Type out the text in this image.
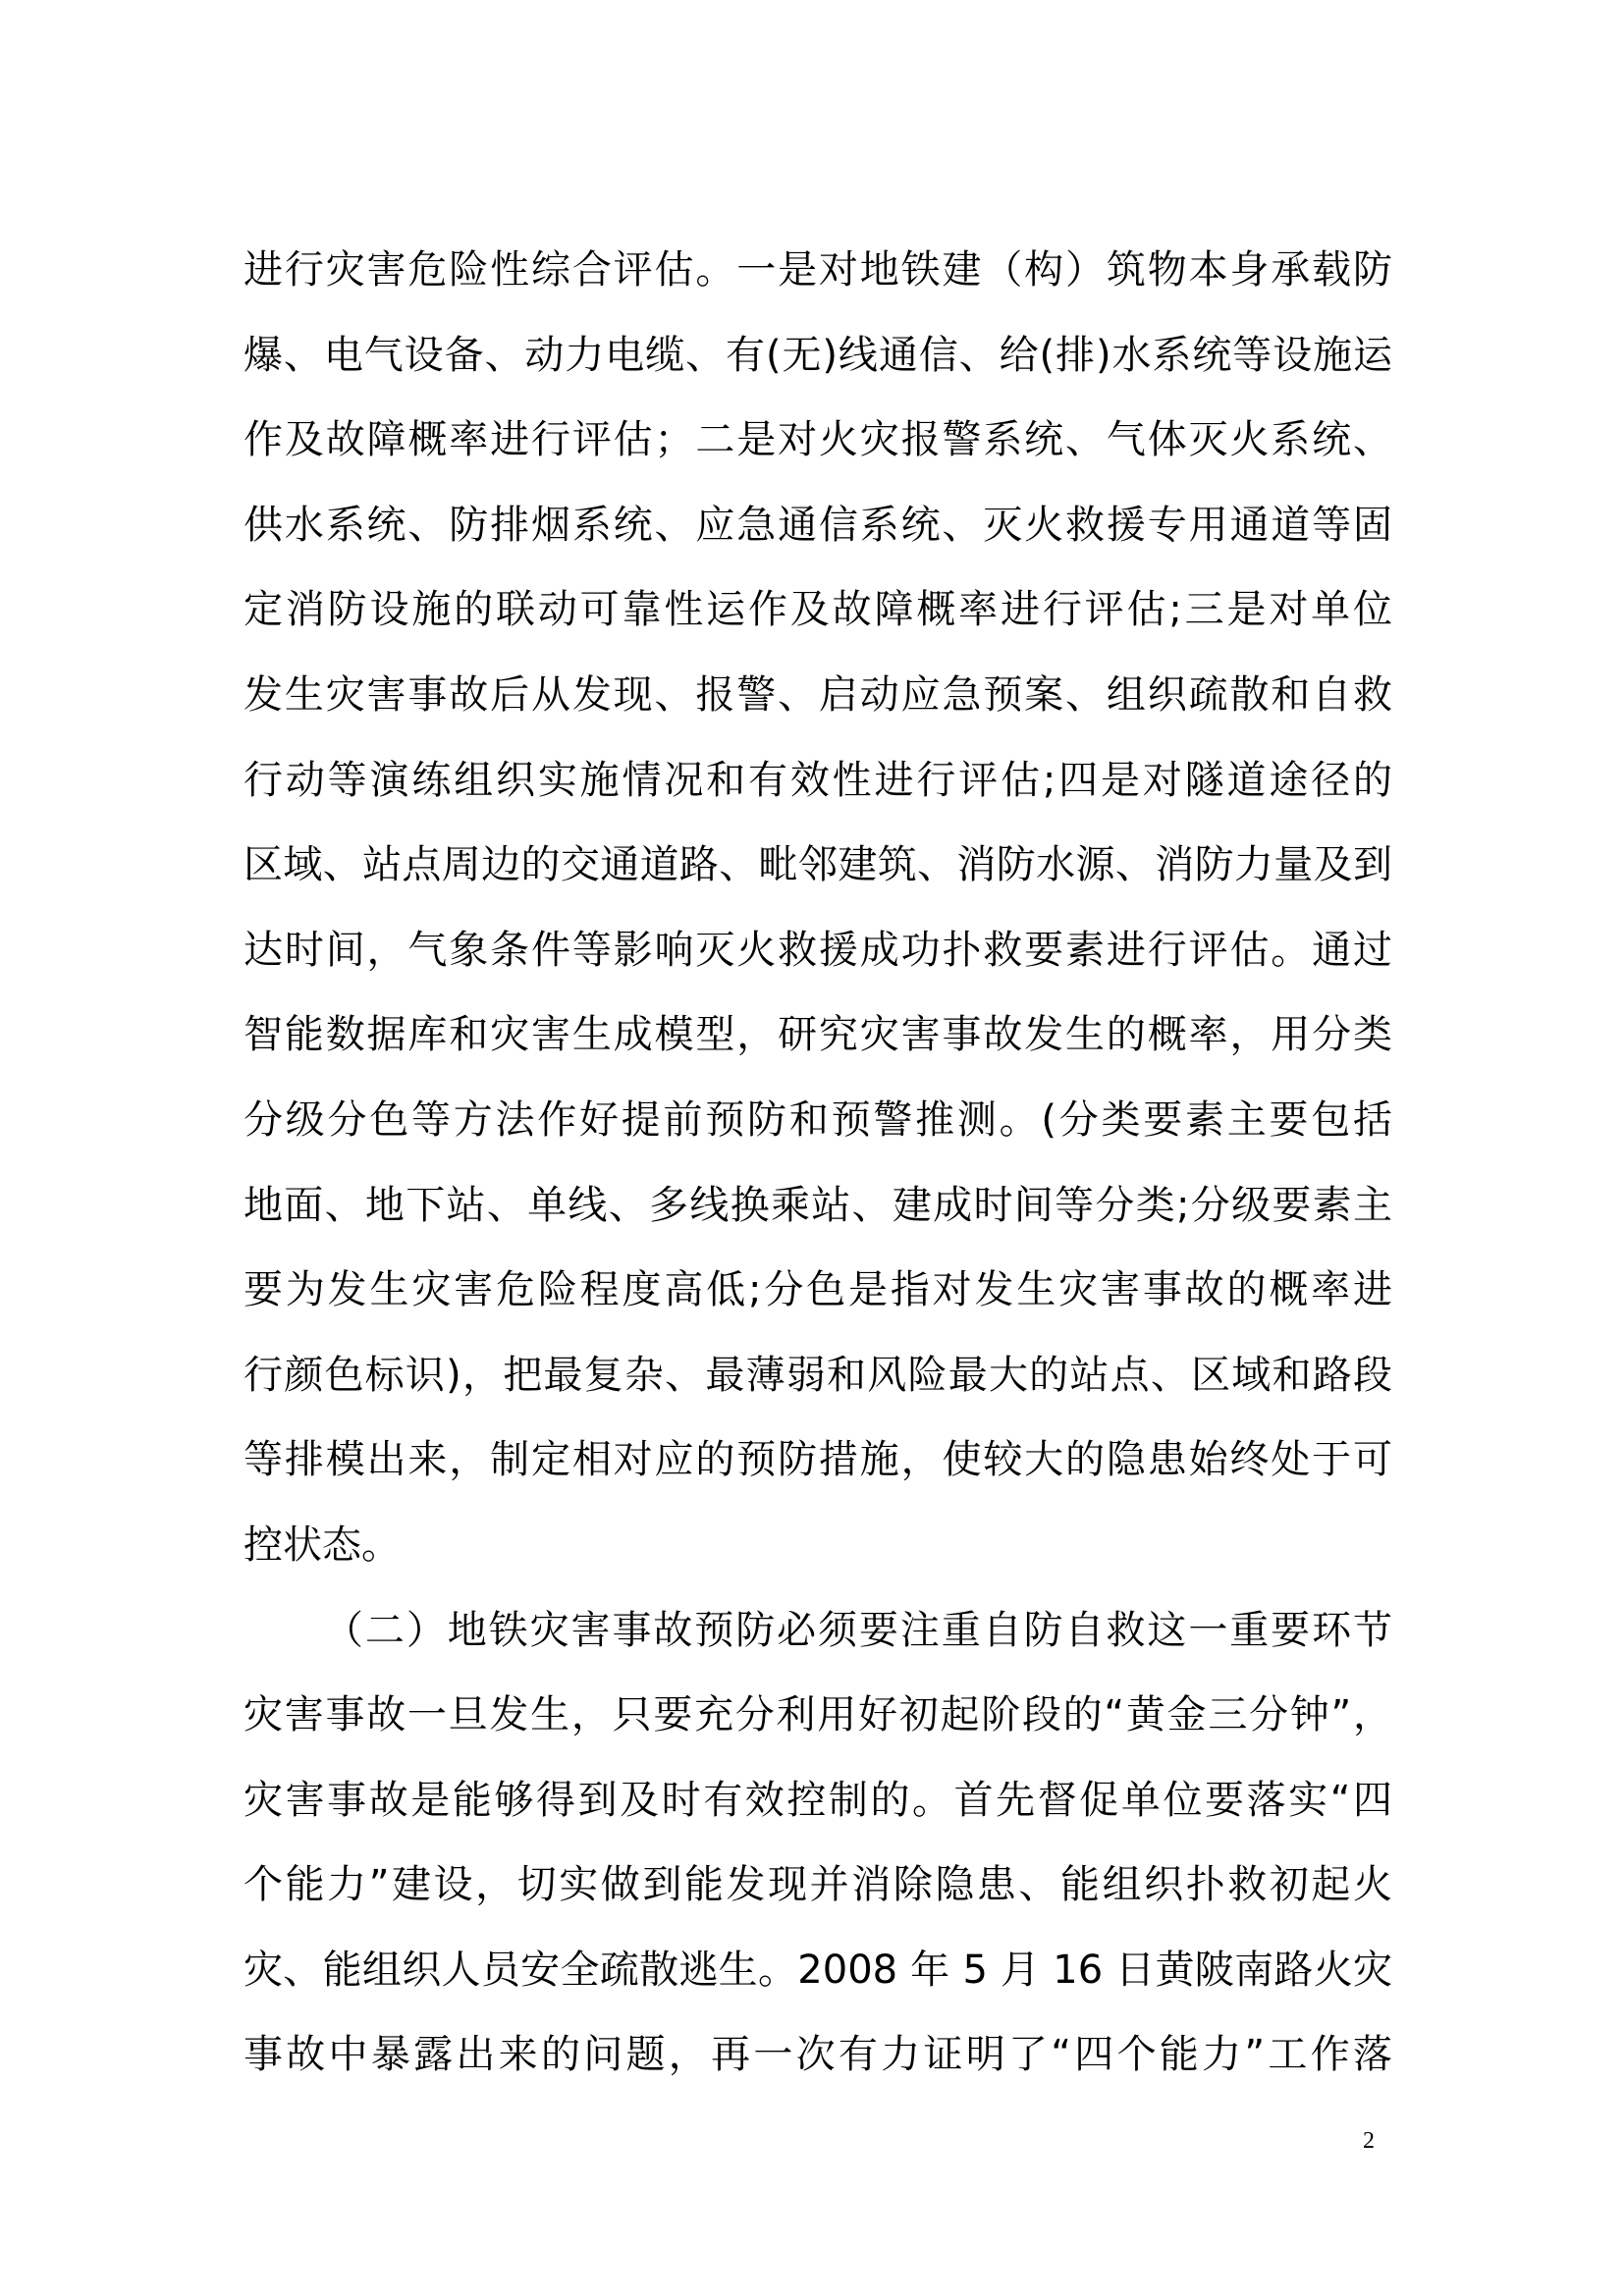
进行灾害危险性综合评估。一是对地铁建（构）筑物本身承载防
爆、电气设备、动力电缆、有(无)线通信、给(排)水系统等设施运
作及故障概率进行评估；二是对火灾报警系统、气体灭火系统、
供水系统、防排烟系统、应急通信系统、灭火救援专用通道等固
定消防设施的联动可靠性运作及故障概率进行评估;三是对单位
发生灾害事故后从发现、报警、启动应急预案、组织疏散和自救
行动等演练组织实施情况和有效性进行评估;四是对隧道途径的
区域、站点周边的交通道路、毗邻建筑、消防水源、消防力量及到
达时间，气象条件等影响灭火救援成功扑救要素进行评估。通过
智能数据库和灾害生成模型，研究灾害事故发生的概率，用分类
分级分色等方法作好提前预防和预警推测。(分类要素主要包括
地面、地下站、单线、多线换乘站、建成时间等分类;分级要素主
要为发生灾害危险程度高低;分色是指对发生灾害事故的概率进
行颜色标识)，把最复杂、最薄弱和风险最大的站点、区域和路段
等排模出来，制定相对应的预防措施，使较大的隐患始终处于可
控状态。
（二）地铁灾害事故预防必须要注重自防自救这一重要环节
灾害事故一旦发生，只要充分利用好初起阶段的“黄金三分钟”，
灾害事故是能够得到及时有效控制的。首先督促单位要落实“四
个能力”建设，切实做到能发现并消除隐患、能组织扑救初起火
灾、能组织人员安全疏散逃生。2008 年 5 月 16 日黄陂南路火灾
事故中暴露出来的问题，再一次有力证明了“四个能力”工作落
2
